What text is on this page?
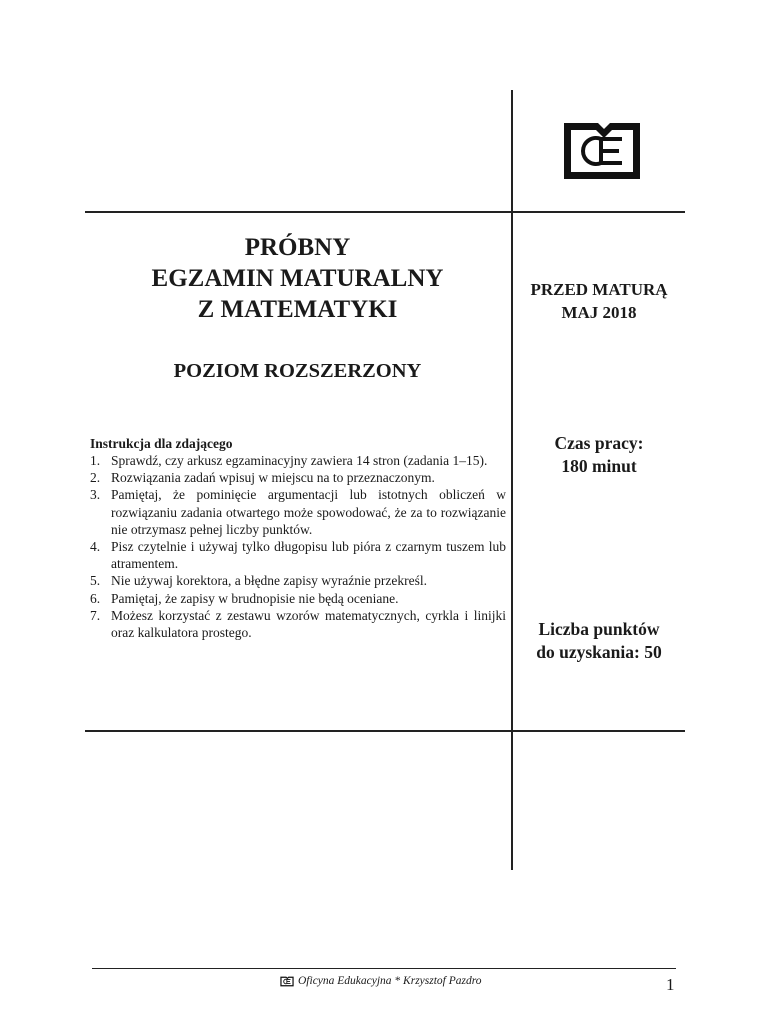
PRÓBNY
EGZAMIN MATURALNY
Z MATEMATYKI
POZIOM ROZSZERZONY
Instrukcja dla zdającego
1. Sprawdź, czy arkusz egzaminacyjny zawiera 14 stron (zadania 1–15).
2. Rozwiązania zadań wpisuj w miejscu na to przeznaczonym.
3. Pamiętaj, że pominięcie argumentacji lub istotnych obliczeń w rozwiązaniu zadania otwartego może spowodować, że za to rozwiązanie nie otrzymasz pełnej liczby punktów.
4. Pisz czytelnie i używaj tylko długopisu lub pióra z czarnym tuszem lub atramentem.
5. Nie używaj korektora, a błędne zapisy wyraźnie przekreśl.
6. Pamiętaj, że zapisy w brudnopisie nie będą oceniane.
7. Możesz korzystać z zestawu wzorów matematycznych, cyrkla i linijki oraz kalkulatora prostego.
PRZED MATURĄ
MAJ 2018
Czas pracy:
180 minut
Liczba punktów
do uzyskania: 50
Oficyna Edukacyjna * Krzysztof Pazdro	1
